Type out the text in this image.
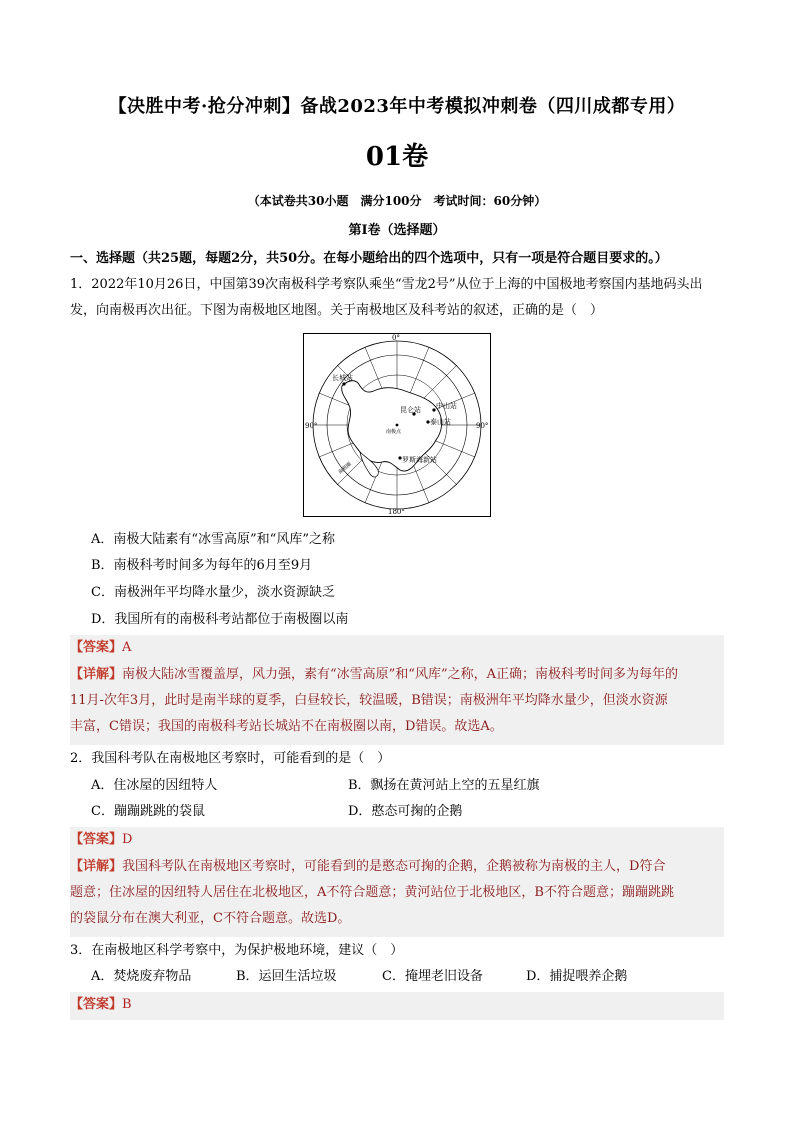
【决胜中考·抢分冲刺】备战2023年中考模拟冲刺卷（四川成都专用）
01卷
（本试卷共30小题　满分100分　考试时间：60分钟）
第Ⅰ卷（选择题）
一、选择题（共25题，每题2分，共50分。在每小题给出的四个选项中，只有一项是符合题目要求的。）
1．2022年10月26日，中国第39次南极科学考察队乘坐“雪龙2号”从位于上海的中国极地考察国内基地码头出发，向南极再次出征。下图为南极地区地图。关于南极地区及科考站的叙述，正确的是（　）
0°
180°
90°	90°
长城站
昆仑站 中山站
泰山站
南极点
罗斯海新站
南极圈
A．南极大陆素有“冰雪高原”和“风库”之称
B．南极科考时间多为每年的6月至9月
C．南极洲年平均降水量少，淡水资源缺乏
D．我国所有的南极科考站都位于南极圈以南
【答案】A
【详解】南极大陆冰雪覆盖厚，风力强，素有“冰雪高原”和“风库”之称，A正确；南极科考时间多为每年的
11月-次年3月，此时是南半球的夏季，白昼较长，较温暖，B错误；南极洲年平均降水量少，但淡水资源
丰富，C错误；我国的南极科考站长城站不在南极圈以南，D错误。故选A。
2．我国科考队在南极地区考察时，可能看到的是（　）
A．住冰屋的因纽特人	B．飘扬在黄河站上空的五星红旗
C．蹦蹦跳跳的袋鼠	D．憨态可掬的企鹅
【答案】D
【详解】我国科考队在南极地区考察时，可能看到的是憨态可掬的企鹅，企鹅被称为南极的主人，D符合
题意；住冰屋的因纽特人居住在北极地区，A不符合题意；黄河站位于北极地区，B不符合题意；蹦蹦跳跳
的袋鼠分布在澳大利亚，C不符合题意。故选D。
3．在南极地区科学考察中，为保护极地环境，建议（　）
A．焚烧废弃物品	B．运回生活垃圾	C．掩埋老旧设备	D．捕捉喂养企鹅
【答案】B
